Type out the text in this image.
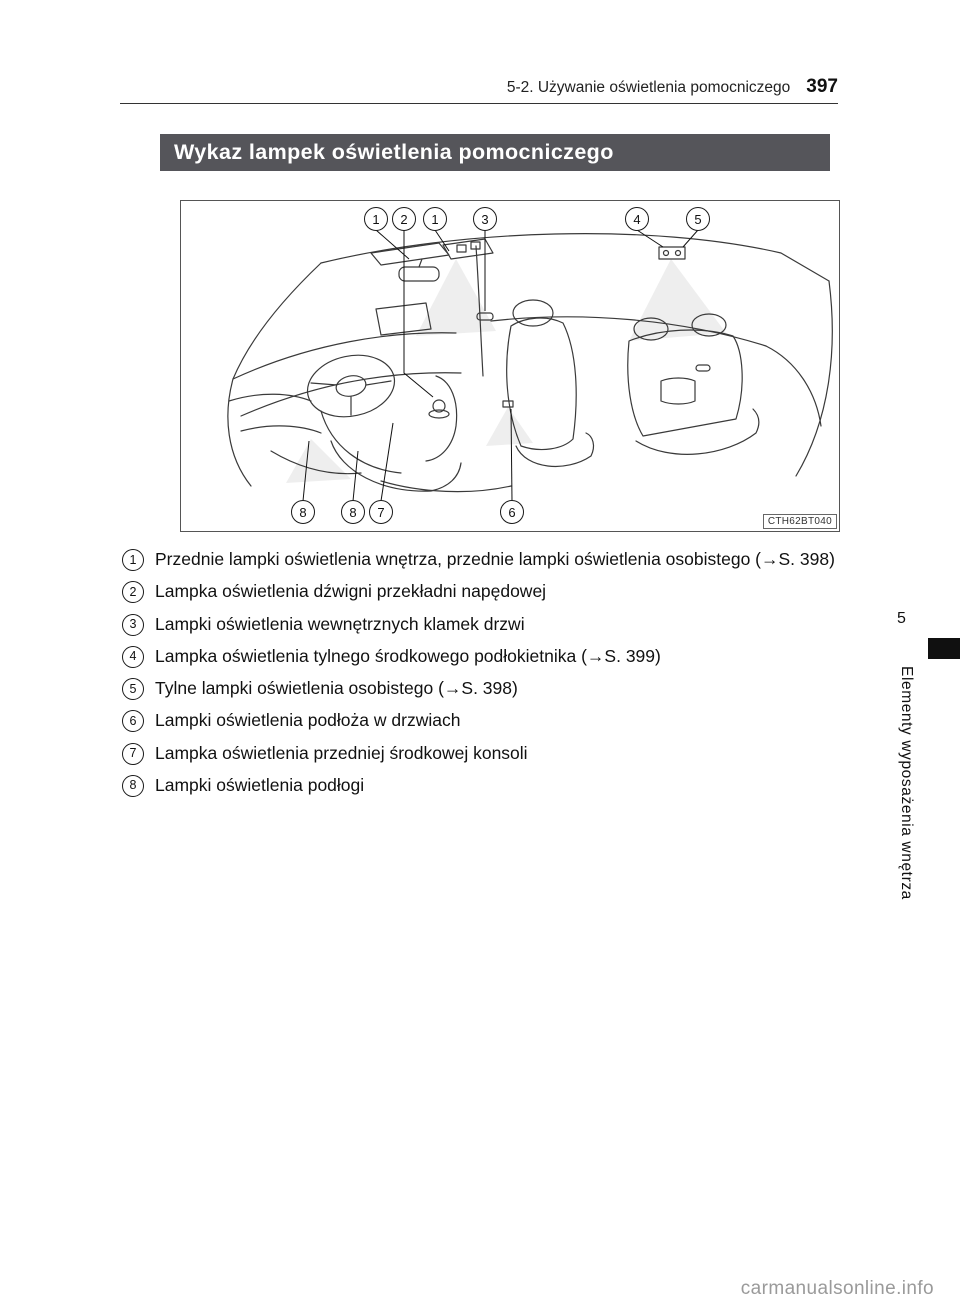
5-2. Używanie oświetlenia pomocniczego 397
Wykaz lampek oświetlenia pomocniczego
1	2	1	3	4	5
8	8	7	6
CTH62BT040
1	Przednie lampki oświetlenia wnętrza, przednie lampki oświetlenia osobistego (→S. 398)
2	Lampka oświetlenia dźwigni przekładni napędowej
3	Lampki oświetlenia wewnętrznych klamek drzwi
4	Lampka oświetlenia tylnego środkowego podłokietnika (→S. 399)
5	Tylne lampki oświetlenia osobistego (→S. 398)
6	Lampki oświetlenia podłoża w drzwiach
7	Lampka oświetlenia przedniej środkowej konsoli
8	Lampki oświetlenia podłogi
5
Elementy wyposażenia wnętrza
carmanualsonline.info
